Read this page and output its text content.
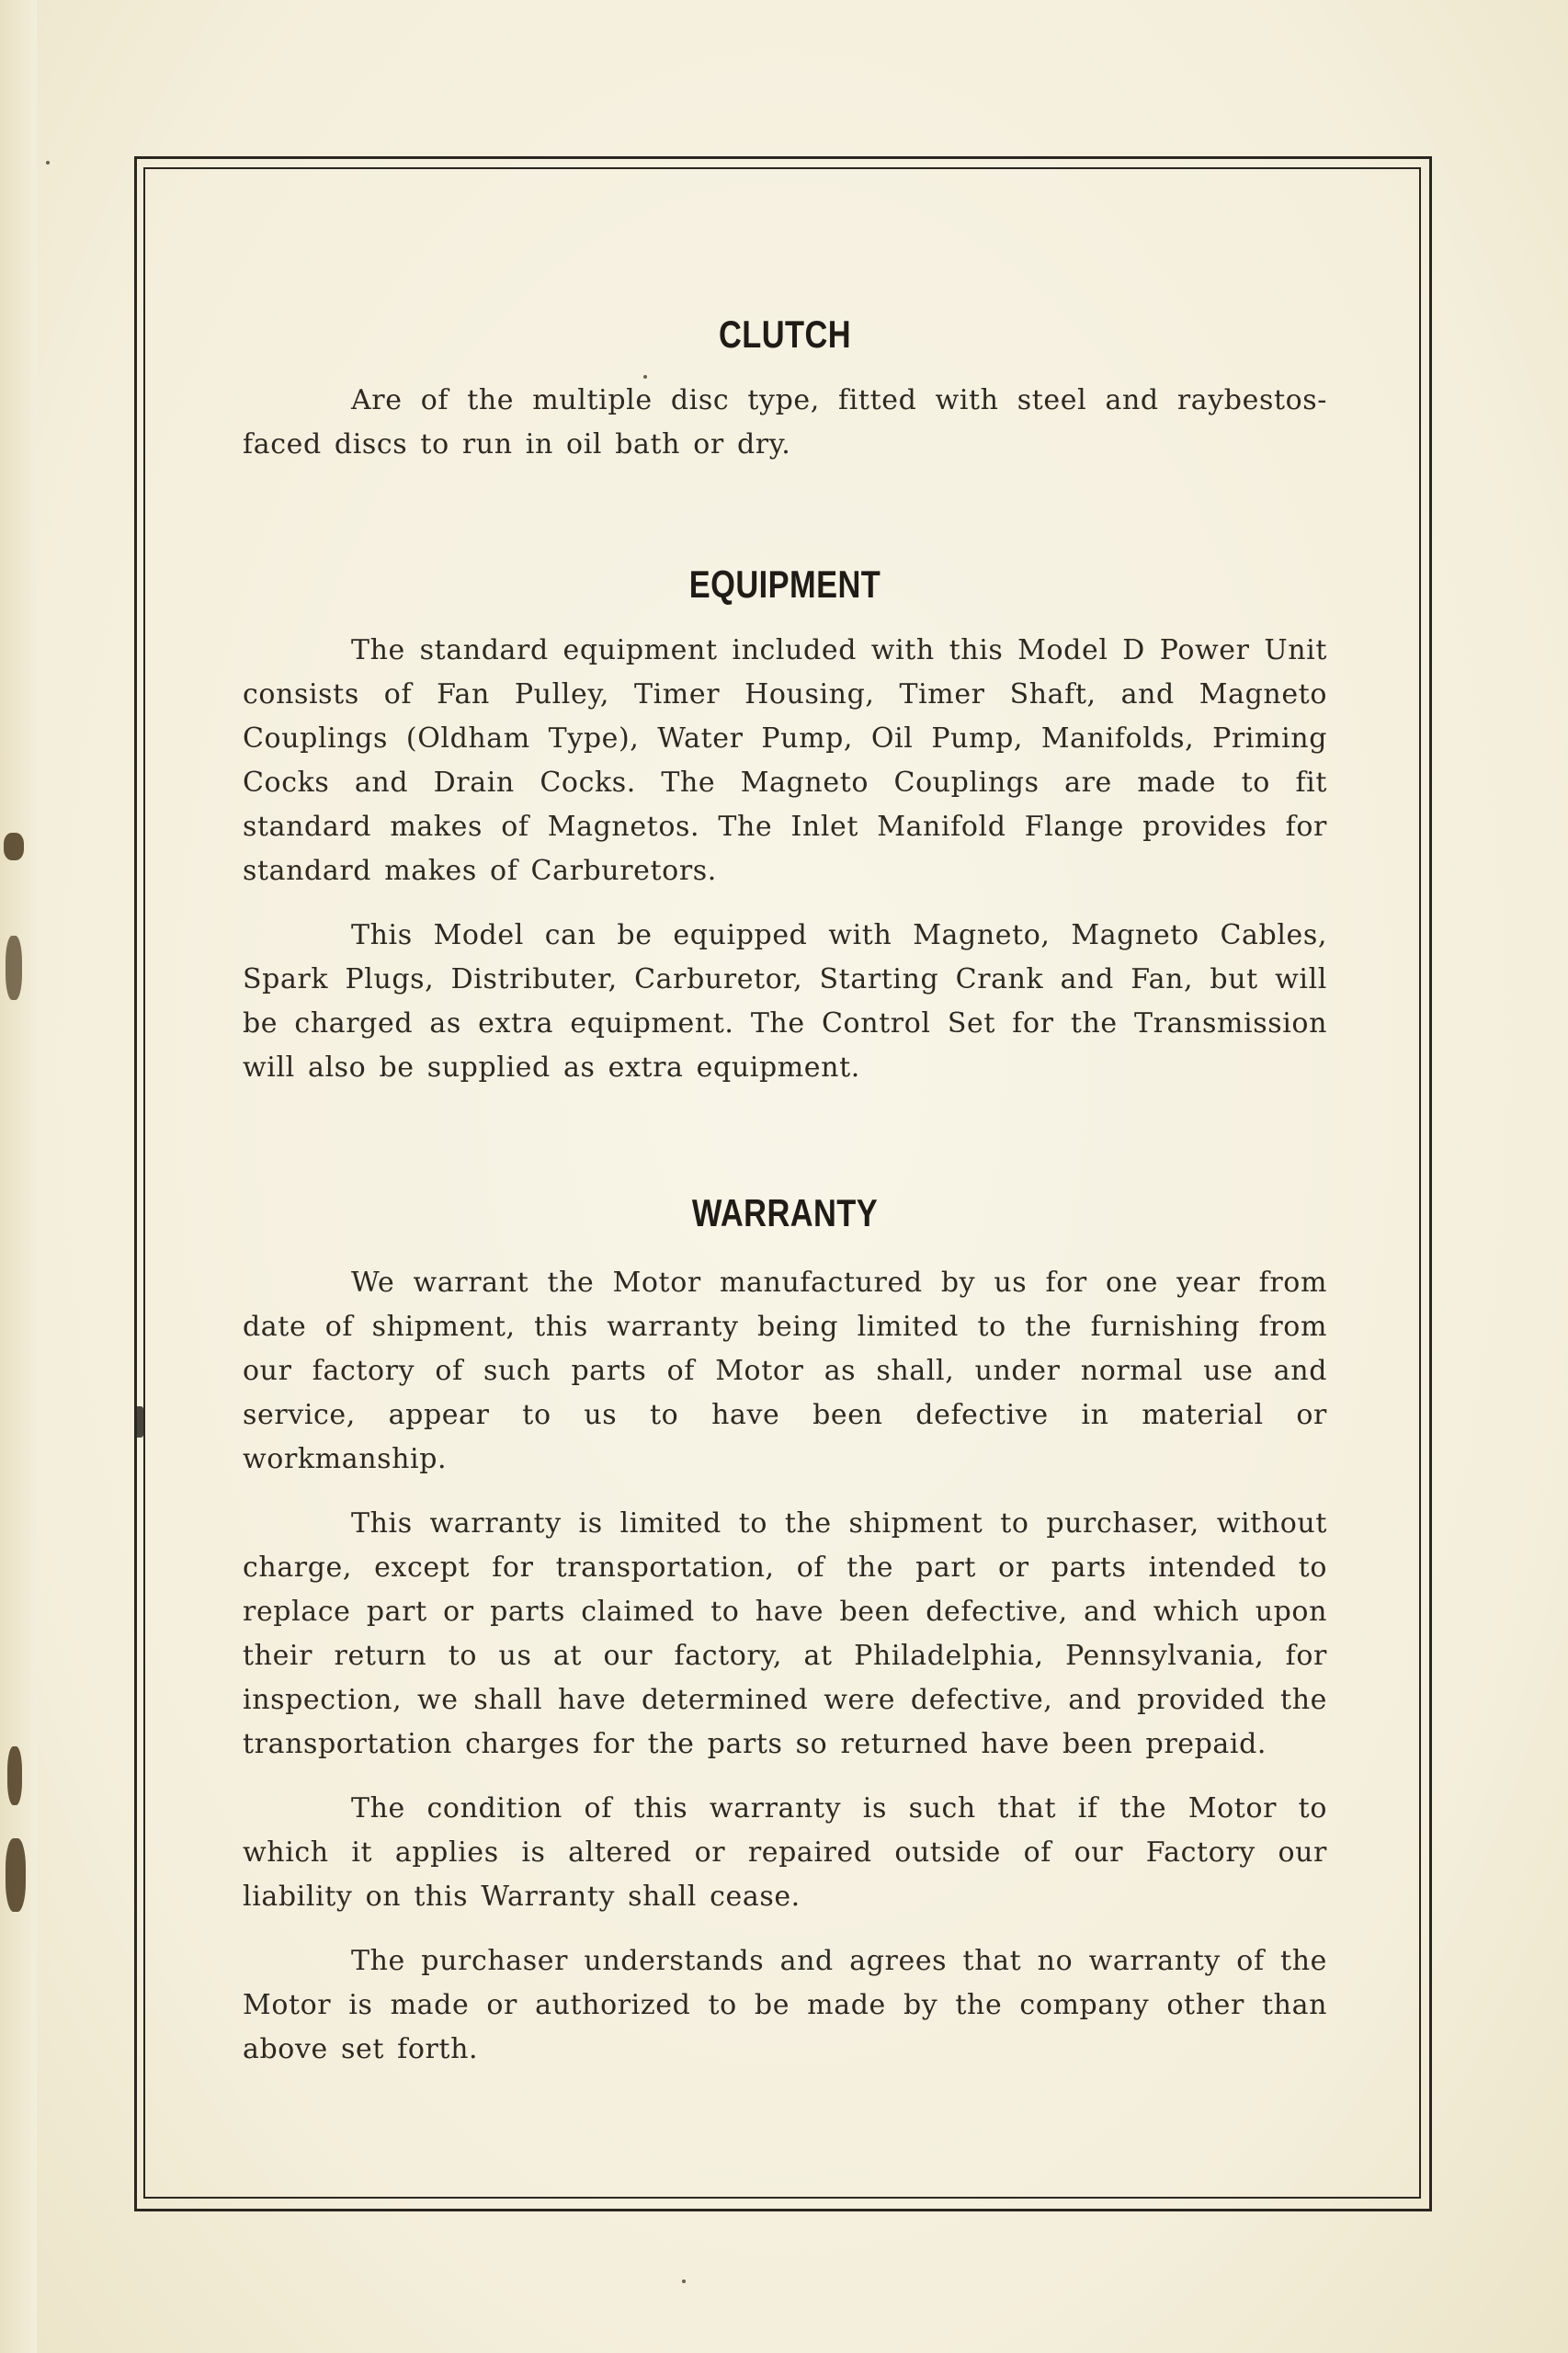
CLUTCH

Are of the multiple disc type, fitted with steel and raybestos-faced discs to run in oil bath or dry.

EQUIPMENT

The standard equipment included with this Model D Power Unit consists of Fan Pulley, Timer Housing, Timer Shaft, and Magneto Couplings (Oldham Type), Water Pump, Oil Pump, Manifolds, Priming Cocks and Drain Cocks. The Magneto Couplings are made to fit standard makes of Magnetos. The Inlet Manifold Flange provides for standard makes of Carburetors.

This Model can be equipped with Magneto, Magneto Cables, Spark Plugs, Distributer, Carburetor, Starting Crank and Fan, but will be charged as extra equipment. The Control Set for the Transmission will also be supplied as extra equipment.

WARRANTY

We warrant the Motor manufactured by us for one year from date of shipment, this warranty being limited to the furnishing from our factory of such parts of Motor as shall, under normal use and service, appear to us to have been defective in material or workmanship.

This warranty is limited to the shipment to purchaser, without charge, except for transportation, of the part or parts intended to replace part or parts claimed to have been defective, and which upon their return to us at our factory, at Philadelphia, Pennsylvania, for inspection, we shall have determined were defective, and provided the transportation charges for the parts so returned have been prepaid.

The condition of this warranty is such that if the Motor to which it applies is altered or repaired outside of our Factory our liability on this Warranty shall cease.

The purchaser understands and agrees that no warranty of the Motor is made or authorized to be made by the company other than above set forth.
